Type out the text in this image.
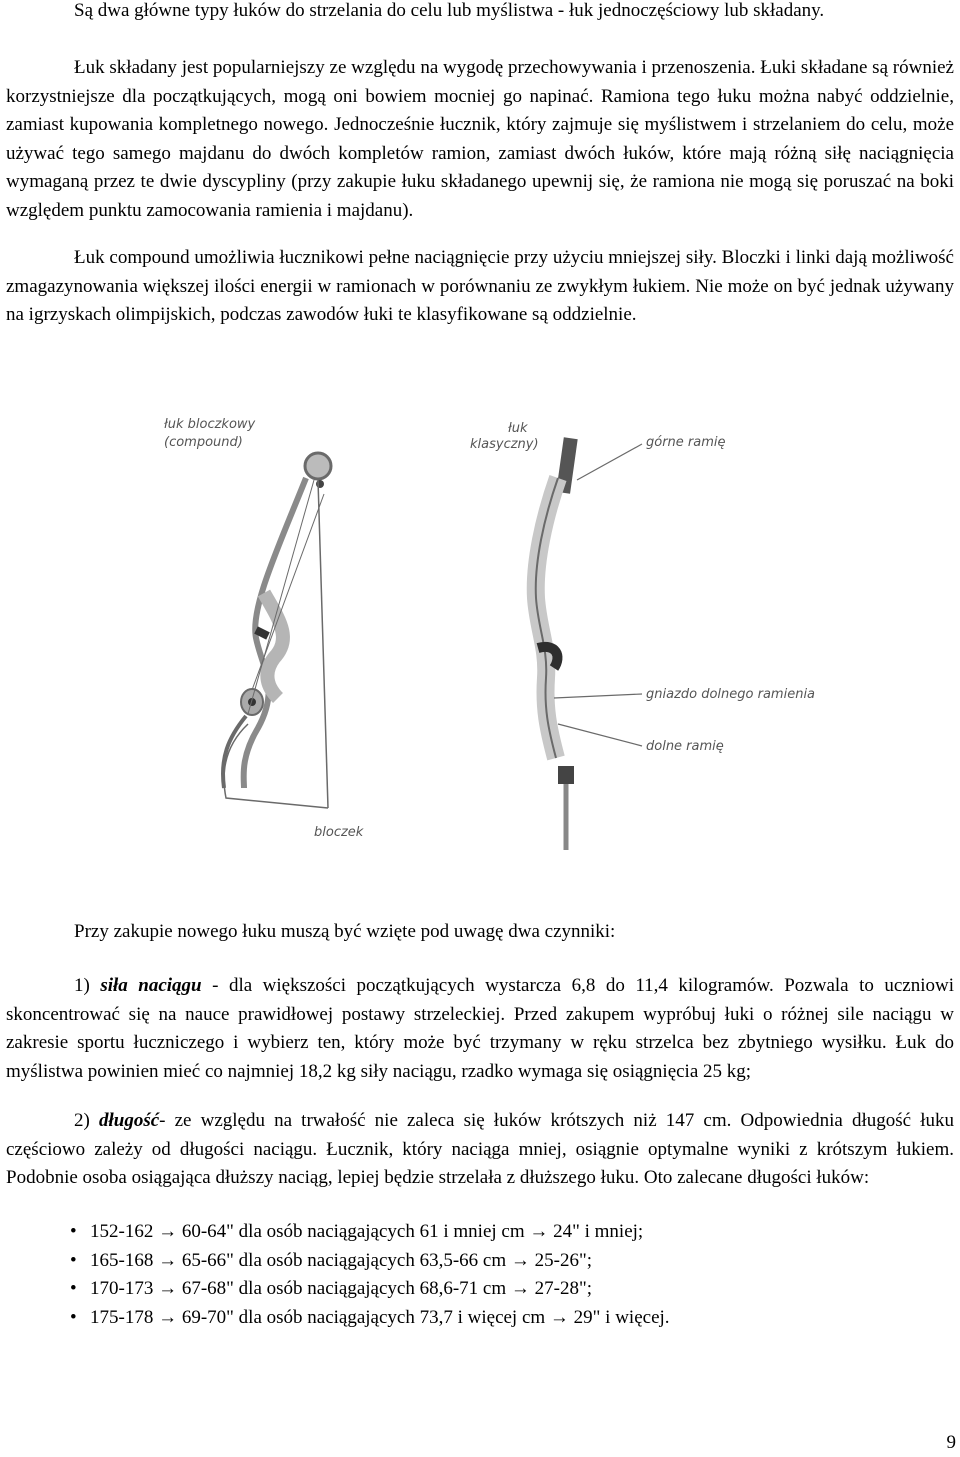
Są dwa główne typy łuków do strzelania do celu lub myślistwa - łuk jednoczęściowy lub składany.

Łuk składany jest popularniejszy ze względu na wygodę przechowywania i przenoszenia. Łuki składane są również korzystniejsze dla początkujących, mogą oni bowiem mocniej go napinać. Ramiona tego łuku można nabyć oddzielnie, zamiast kupowania kompletnego nowego. Jednocześnie łucznik, który zajmuje się myślistwem i strzelaniem do celu, może używać tego samego majdanu do dwóch kompletów ramion, zamiast dwóch łuków, które mają różną siłę naciągnięcia wymaganą przez te dwie dyscypliny (przy zakupie łuku składanego upewnij się, że ramiona nie mogą się poruszać na boki względem punktu zamocowania ramienia i majdanu).

Łuk compound umożliwia łucznikowi pełne naciągnięcie przy użyciu mniejszej siły. Bloczki i linki dają możliwość zmagazynowania większej ilości energii w ramionach w porównaniu ze zwykłym łukiem. Nie może on być jednak używany na igrzyskach olimpijskich, podczas zawodów łuki te klasyfikowane są oddzielnie.

łuk bloczkowy
(compound)
łuk
klasyczny)	górne ramię
gniazdo dolnego ramienia
dolne ramię
bloczek

Przy zakupie nowego łuku muszą być wzięte pod uwagę dwa czynniki:

1) siła naciągu - dla większości początkujących wystarcza 6,8 do 11,4 kilogramów. Pozwala to uczniowi skoncentrować się na nauce prawidłowej postawy strzeleckiej. Przed zakupem wypróbuj łuki o różnej sile naciągu w zakresie sportu łuczniczego i wybierz ten, który może być trzymany w ręku strzelca bez zbytniego wysiłku. Łuk do myślistwa powinien mieć co najmniej 18,2 kg siły naciągu, rzadko wymaga się osiągnięcia 25 kg;

2) długość- ze względu na trwałość nie zaleca się łuków krótszych niż 147 cm. Odpowiednia długość łuku częściowo zależy od długości naciągu. Łucznik, który naciąga mniej, osiągnie optymalne wyniki z krótszym łukiem. Podobnie osoba osiągająca dłuższy naciąg, lepiej będzie strzelała z dłuższego łuku. Oto zalecane długości łuków:

• 152-162 → 60-64" dla osób naciągających 61 i mniej cm → 24" i mniej;
• 165-168 → 65-66" dla osób naciągających 63,5-66 cm → 25-26";
• 170-173 → 67-68" dla osób naciągających 68,6-71 cm → 27-28";
• 175-178 → 69-70" dla osób naciągających 73,7 i więcej cm → 29" i więcej.
9
